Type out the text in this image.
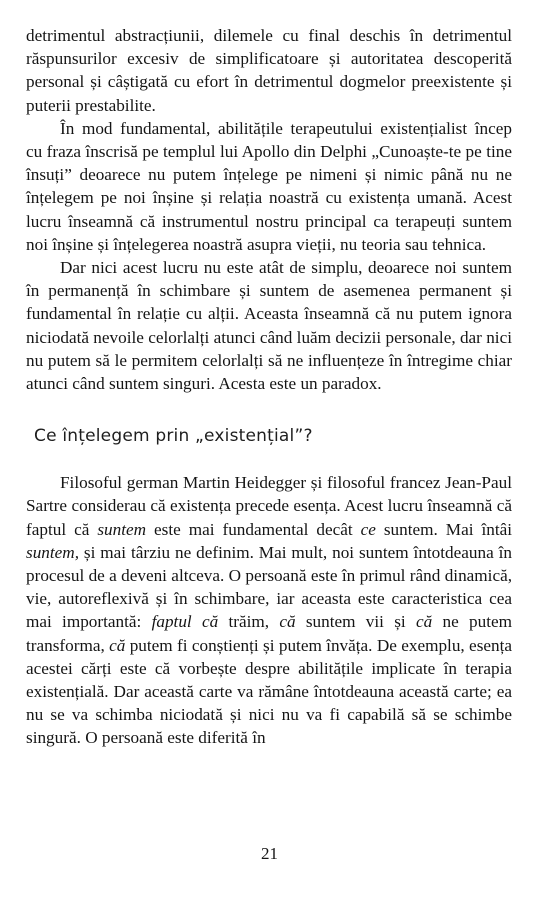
detrimentul abstracțiunii, dilemele cu final deschis în detrimentul răspunsurilor excesiv de simplificatoare și autoritatea descoperită personal și câștigată cu efort în detrimentul dogmelor preexistente și puterii prestabilite.

În mod fundamental, abilitățile terapeutului existențialist încep cu fraza înscrisă pe templul lui Apollo din Delphi „Cunoaște-te pe tine însuți” deoarece nu putem înțelege pe nimeni și nimic până nu ne înțelegem pe noi înșine și relația noastră cu existența umană. Acest lucru înseamnă că instrumentul nostru principal ca terapeuți suntem noi înșine și înțelegerea noastră asupra vieții, nu teoria sau tehnica.

Dar nici acest lucru nu este atât de simplu, deoarece noi suntem în permanență în schimbare și suntem de asemenea permanent și fundamental în relație cu alții. Aceasta înseamnă că nu putem ignora niciodată nevoile celorlalți atunci când luăm decizii personale, dar nici nu putem să le permitem celorlalți să ne influențeze în întregime chiar atunci când suntem singuri. Acesta este un paradox.

Ce înțelegem prin „existențial”?

Filosoful german Martin Heidegger și filosoful francez Jean-Paul Sartre considerau că existența precede esența. Acest lucru înseamnă că faptul că suntem este mai fundamental decât ce suntem. Mai întâi suntem, și mai târziu ne definim. Mai mult, noi suntem întotdeauna în procesul de a deveni altceva. O persoană este în primul rând dinamică, vie, autoreflexivă și în schimbare, iar aceasta este caracteristica cea mai importantă: faptul că trăim, că suntem vii și că ne putem transforma, că putem fi conștienți și putem învăța. De exemplu, esența acestei cărți este că vorbește despre abilitățile implicate în terapia existențială. Dar această carte va rămâne întotdeauna această carte; ea nu se va schimba niciodată și nici nu va fi capabilă să se schimbe singură. O persoană este diferită în

21
